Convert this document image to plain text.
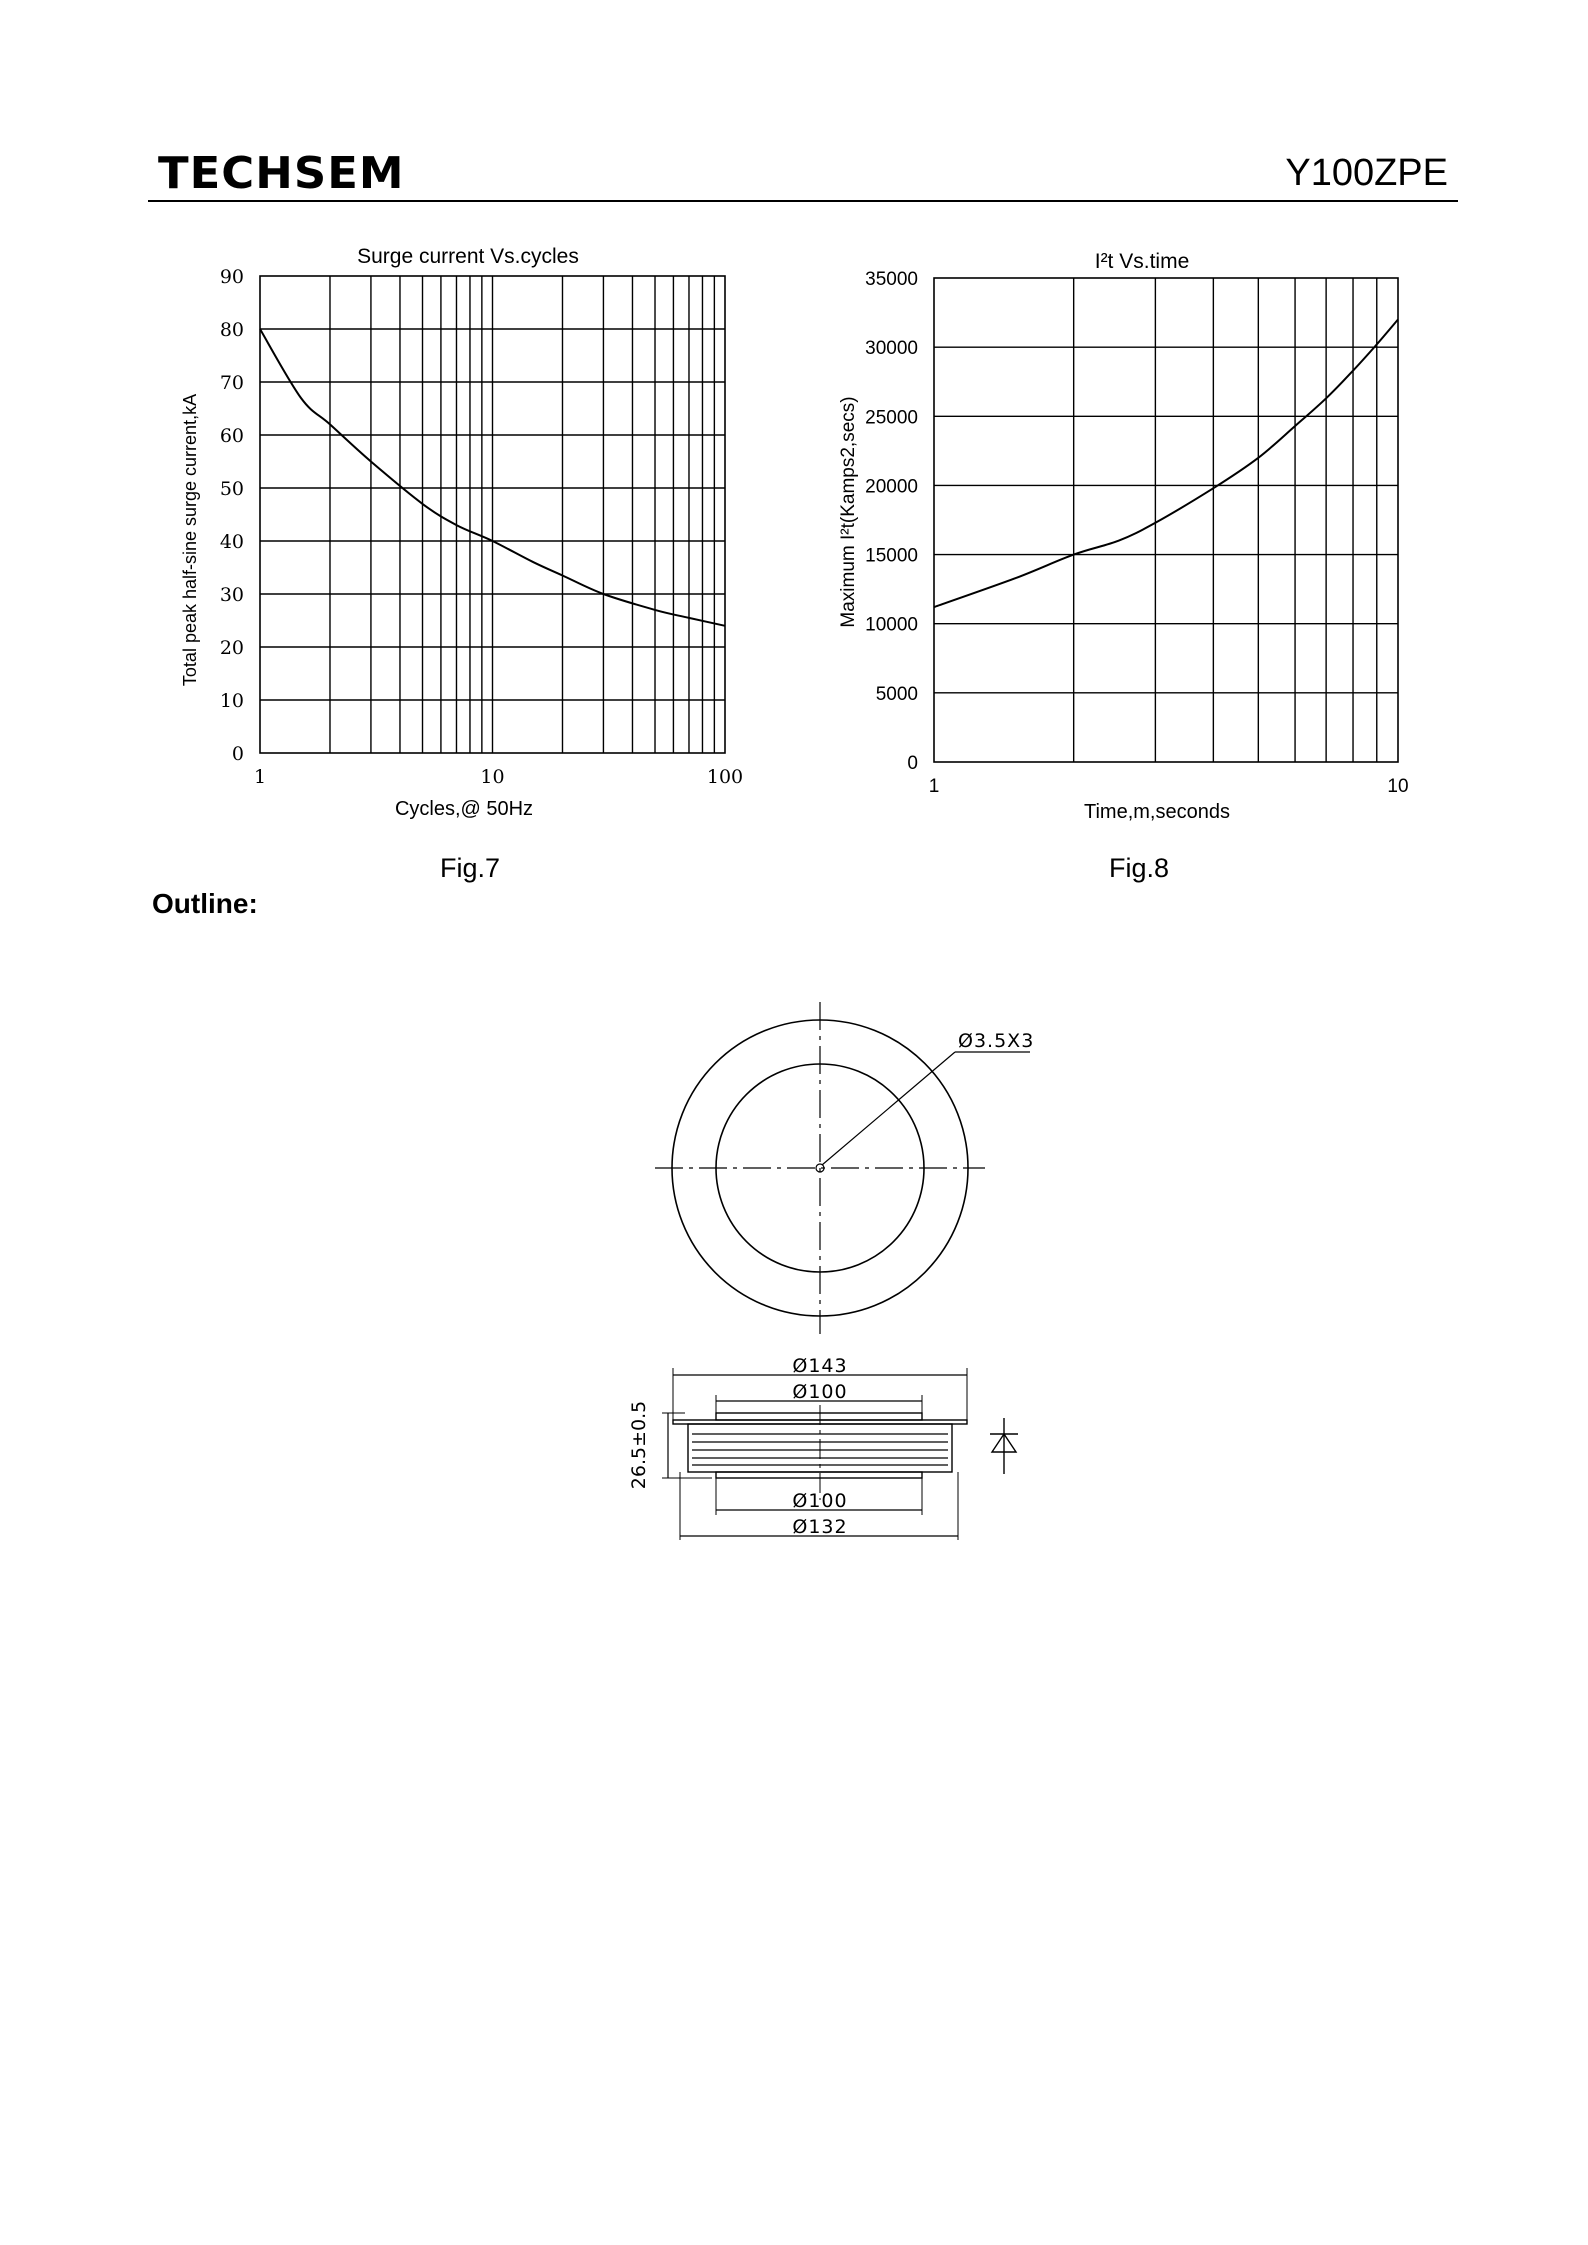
TECHSEM	Y100ZPE
0
10
20
30
40
50
60
70
80
90
1	10	100
Surge current Vs.cycles
Cycles,@ 50Hz
Total peak half-sine surge current,kA
Fig.7
0
5000
10000
15000
20000
25000
30000
35000
1	10
I²t Vs.time
Time,m,seconds
Maximum I²t(Kamps2,secs)
Fig.8
Outline:
Ø3.5X3
Ø143
Ø100
26.5±0.5
Ø100
Ø132
